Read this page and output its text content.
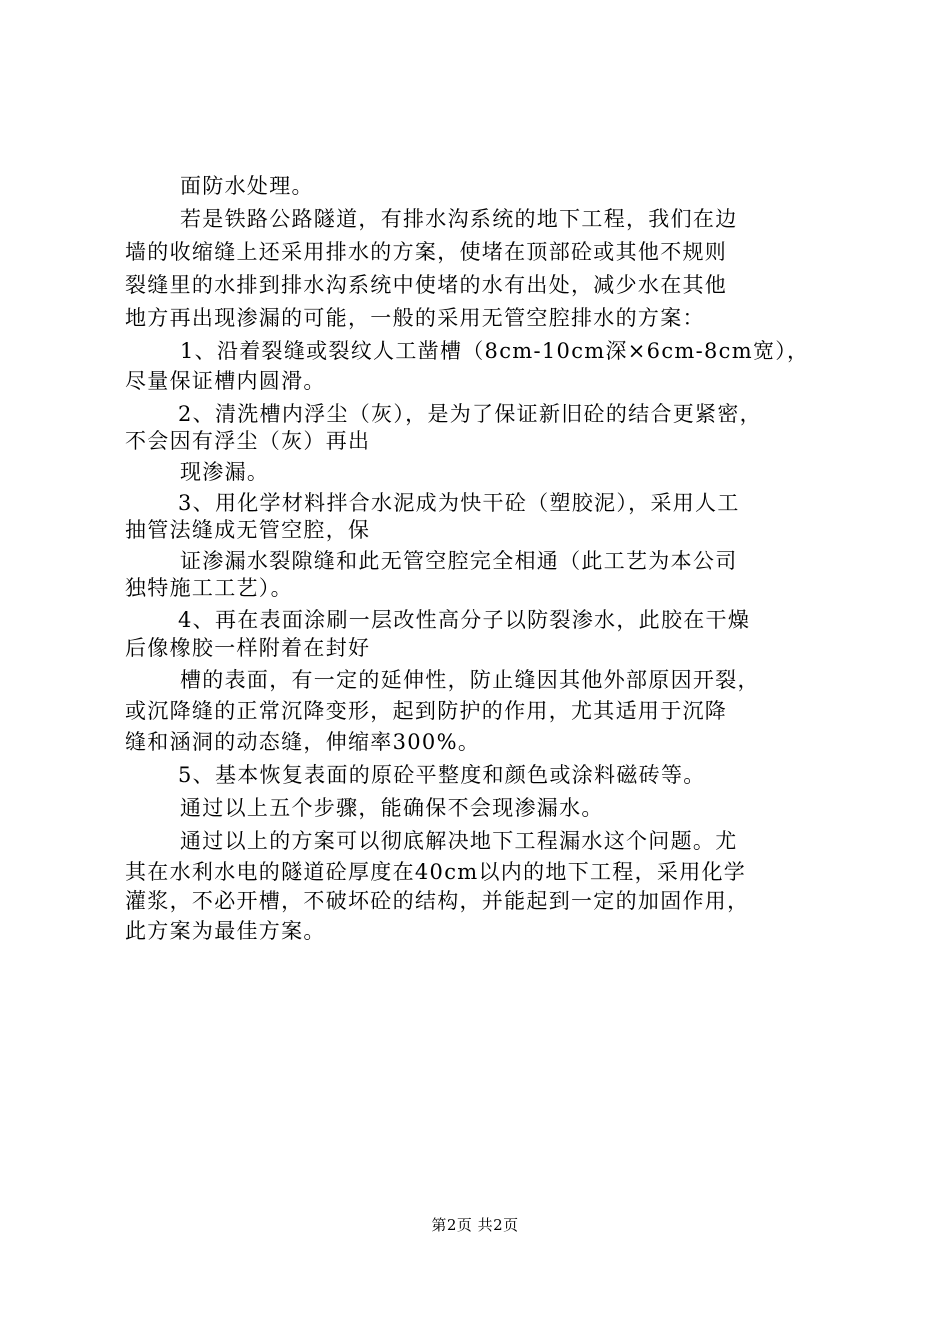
面防水处理。
若是铁路公路隧道，有排水沟系统的地下工程，我们在边
墙的收缩缝上还采用排水的方案，使堵在顶部砼或其他不规则
裂缝里的水排到排水沟系统中使堵的水有出处，减少水在其他
地方再出现渗漏的可能，一般的采用无管空腔排水的方案：
1、沿着裂缝或裂纹人工凿槽（8cm-10cm深×6cm-8cm宽），
尽量保证槽内圆滑。
2、清洗槽内浮尘（灰），是为了保证新旧砼的结合更紧密，
不会因有浮尘（灰）再出
现渗漏。
3、用化学材料拌合水泥成为快干砼（塑胶泥），采用人工
抽管法缝成无管空腔，保
证渗漏水裂隙缝和此无管空腔完全相通（此工艺为本公司
独特施工工艺）。
4、再在表面涂刷一层改性高分子以防裂渗水，此胶在干燥
后像橡胶一样附着在封好
槽的表面，有一定的延伸性，防止缝因其他外部原因开裂，
或沉降缝的正常沉降变形，起到防护的作用，尤其适用于沉降
缝和涵洞的动态缝，伸缩率300%。
5、基本恢复表面的原砼平整度和颜色或涂料磁砖等。
通过以上五个步骤，能确保不会现渗漏水。
通过以上的方案可以彻底解决地下工程漏水这个问题。尤
其在水利水电的隧道砼厚度在40cm以内的地下工程，采用化学
灌浆，不必开槽，不破坏砼的结构，并能起到一定的加固作用，
此方案为最佳方案。
第2页 共2页
